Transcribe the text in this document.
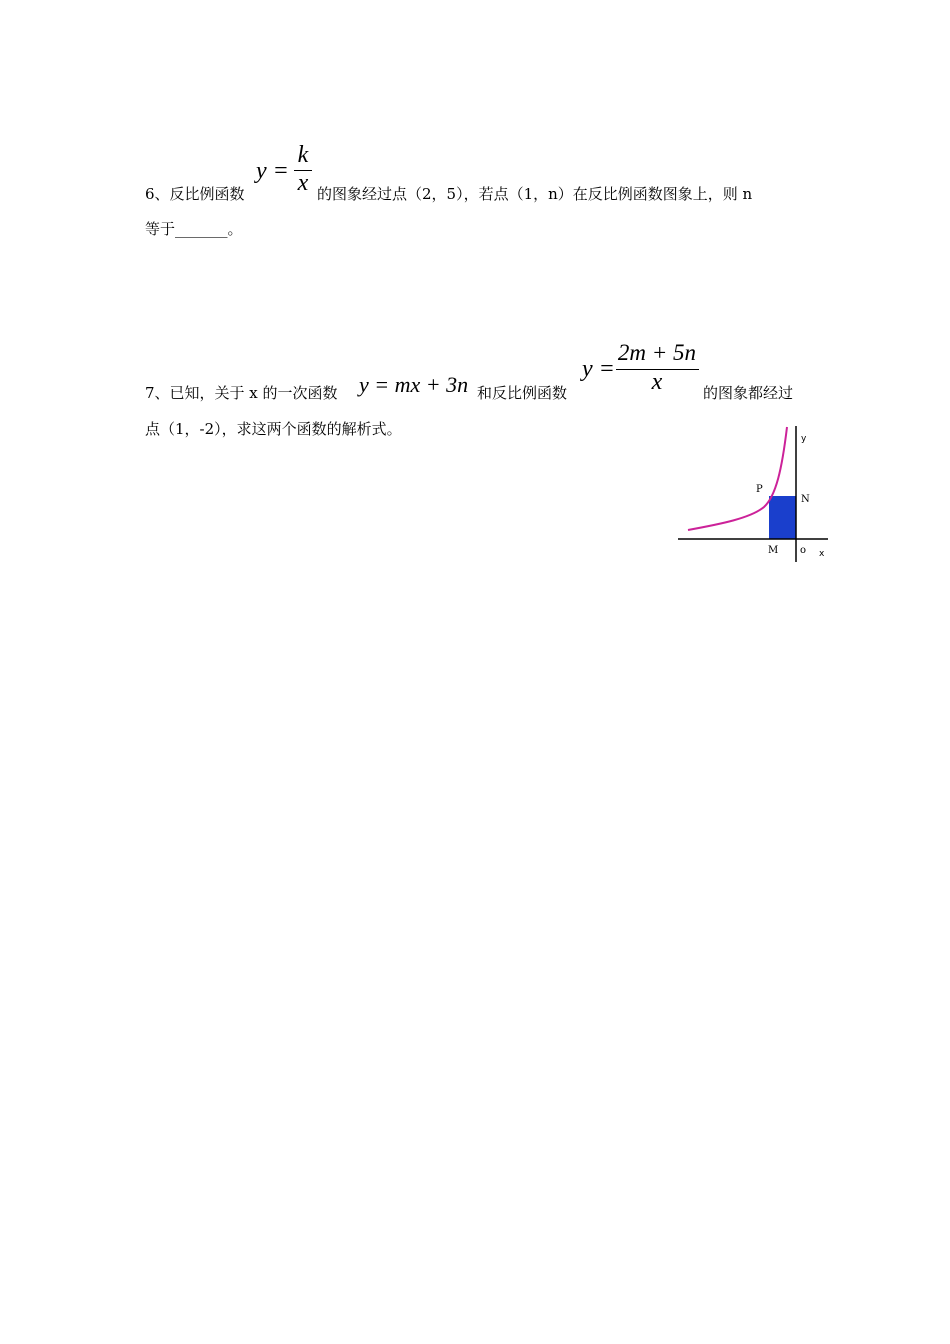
6、反比例函数
y =
k
x 的图象经过点（2，5），若点（1，n）在反比例函数图象上，则 n
等于_______。
7、已知，关于 x 的一次函数 y = mx + 3n 和反比例函数
y =
2m + 5n
x	的图象都经过
点（1，-2），求这两个函数的解析式。
y
x
P
N
M o
